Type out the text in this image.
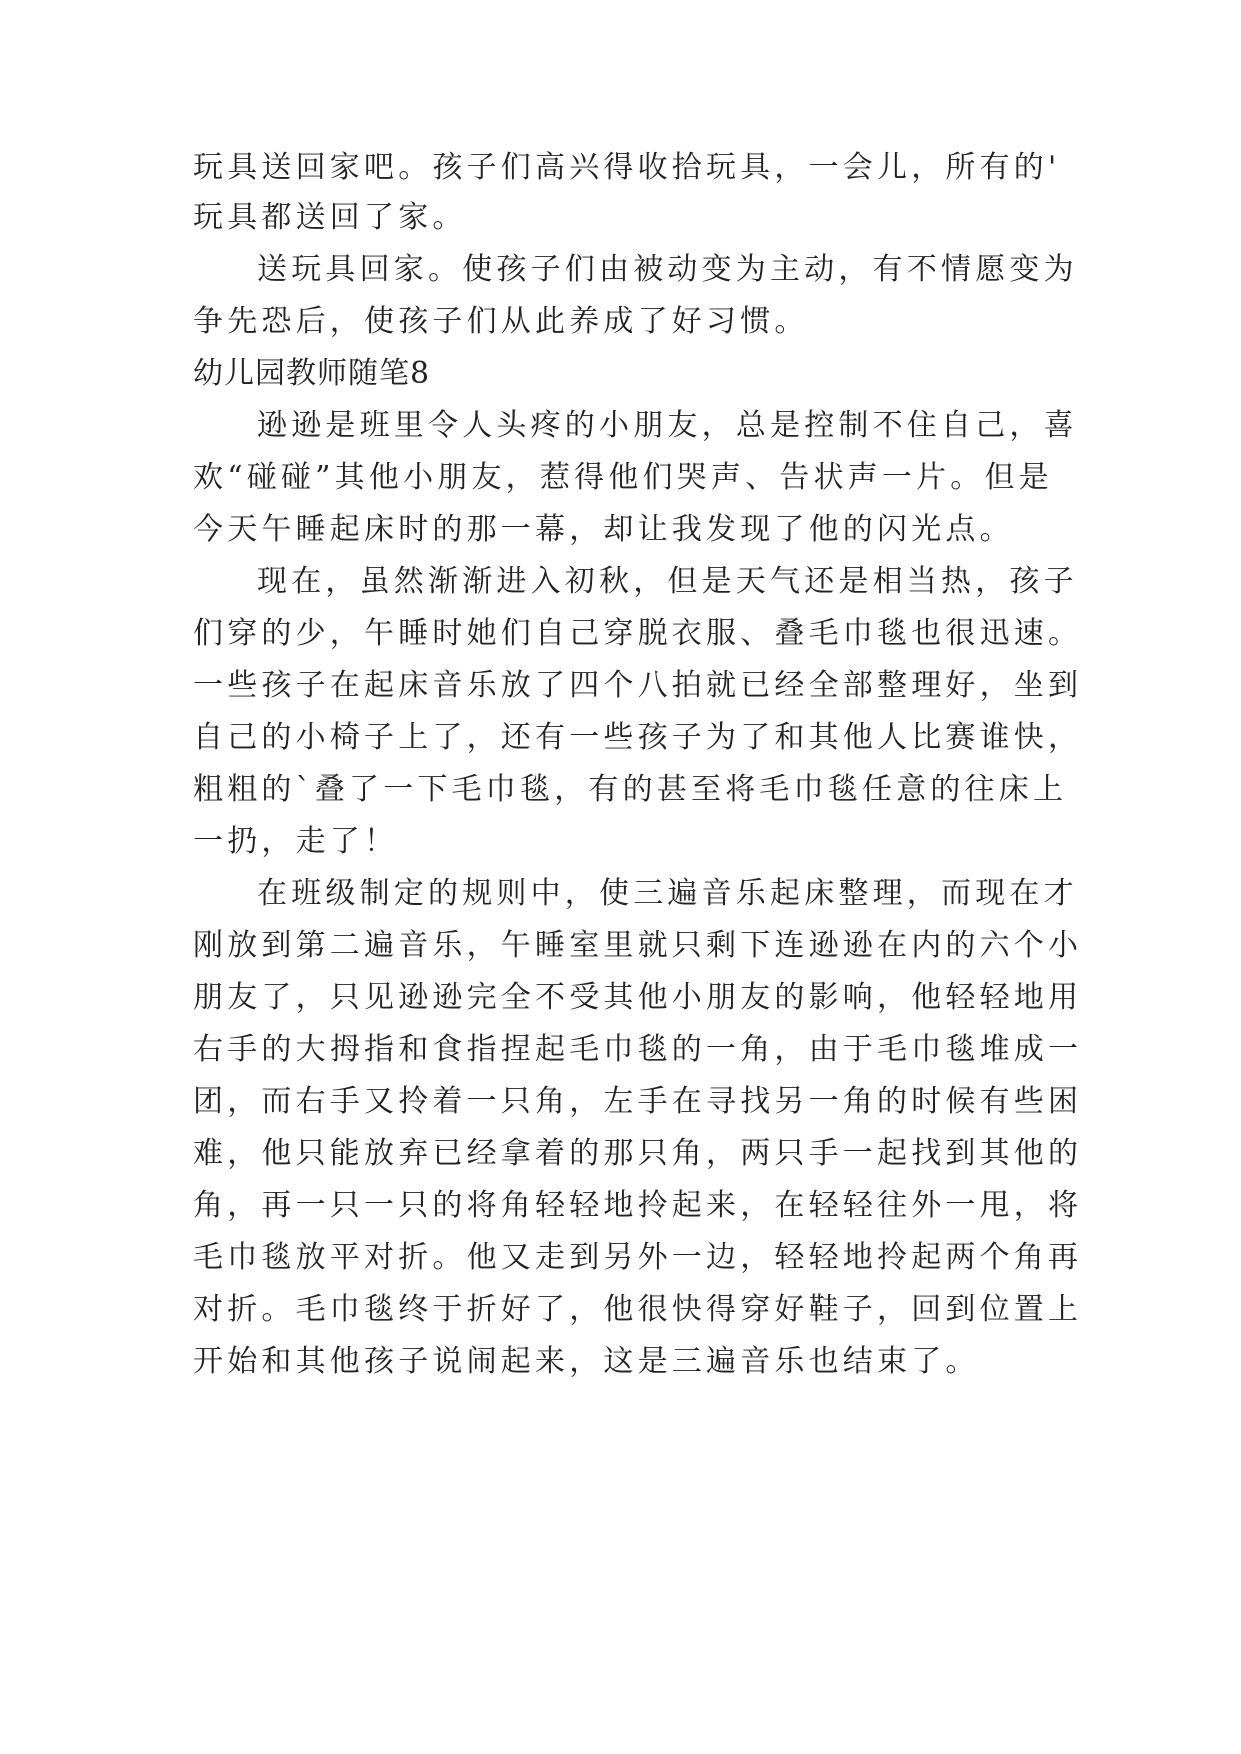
玩具送回家吧。孩子们高兴得收拾玩具，一会儿，所有的'
玩具都送回了家。
送玩具回家。使孩子们由被动变为主动，有不情愿变为
争先恐后，使孩子们从此养成了好习惯。
幼儿园教师随笔8
逊逊是班里令人头疼的小朋友，总是控制不住自己，喜
欢“碰碰”其他小朋友，惹得他们哭声、告状声一片。但是
今天午睡起床时的那一幕，却让我发现了他的闪光点。
现在，虽然渐渐进入初秋，但是天气还是相当热，孩子
们穿的少，午睡时她们自己穿脱衣服、叠毛巾毯也很迅速。
一些孩子在起床音乐放了四个八拍就已经全部整理好，坐到
自己的小椅子上了，还有一些孩子为了和其他人比赛谁快，
粗粗的`叠了一下毛巾毯，有的甚至将毛巾毯任意的往床上
一扔，走了！
在班级制定的规则中，使三遍音乐起床整理，而现在才
刚放到第二遍音乐，午睡室里就只剩下连逊逊在内的六个小
朋友了，只见逊逊完全不受其他小朋友的影响，他轻轻地用
右手的大拇指和食指捏起毛巾毯的一角，由于毛巾毯堆成一
团，而右手又拎着一只角，左手在寻找另一角的时候有些困
难，他只能放弃已经拿着的那只角，两只手一起找到其他的
角，再一只一只的将角轻轻地拎起来，在轻轻往外一甩，将
毛巾毯放平对折。他又走到另外一边，轻轻地拎起两个角再
对折。毛巾毯终于折好了，他很快得穿好鞋子，回到位置上
开始和其他孩子说闹起来，这是三遍音乐也结束了。
